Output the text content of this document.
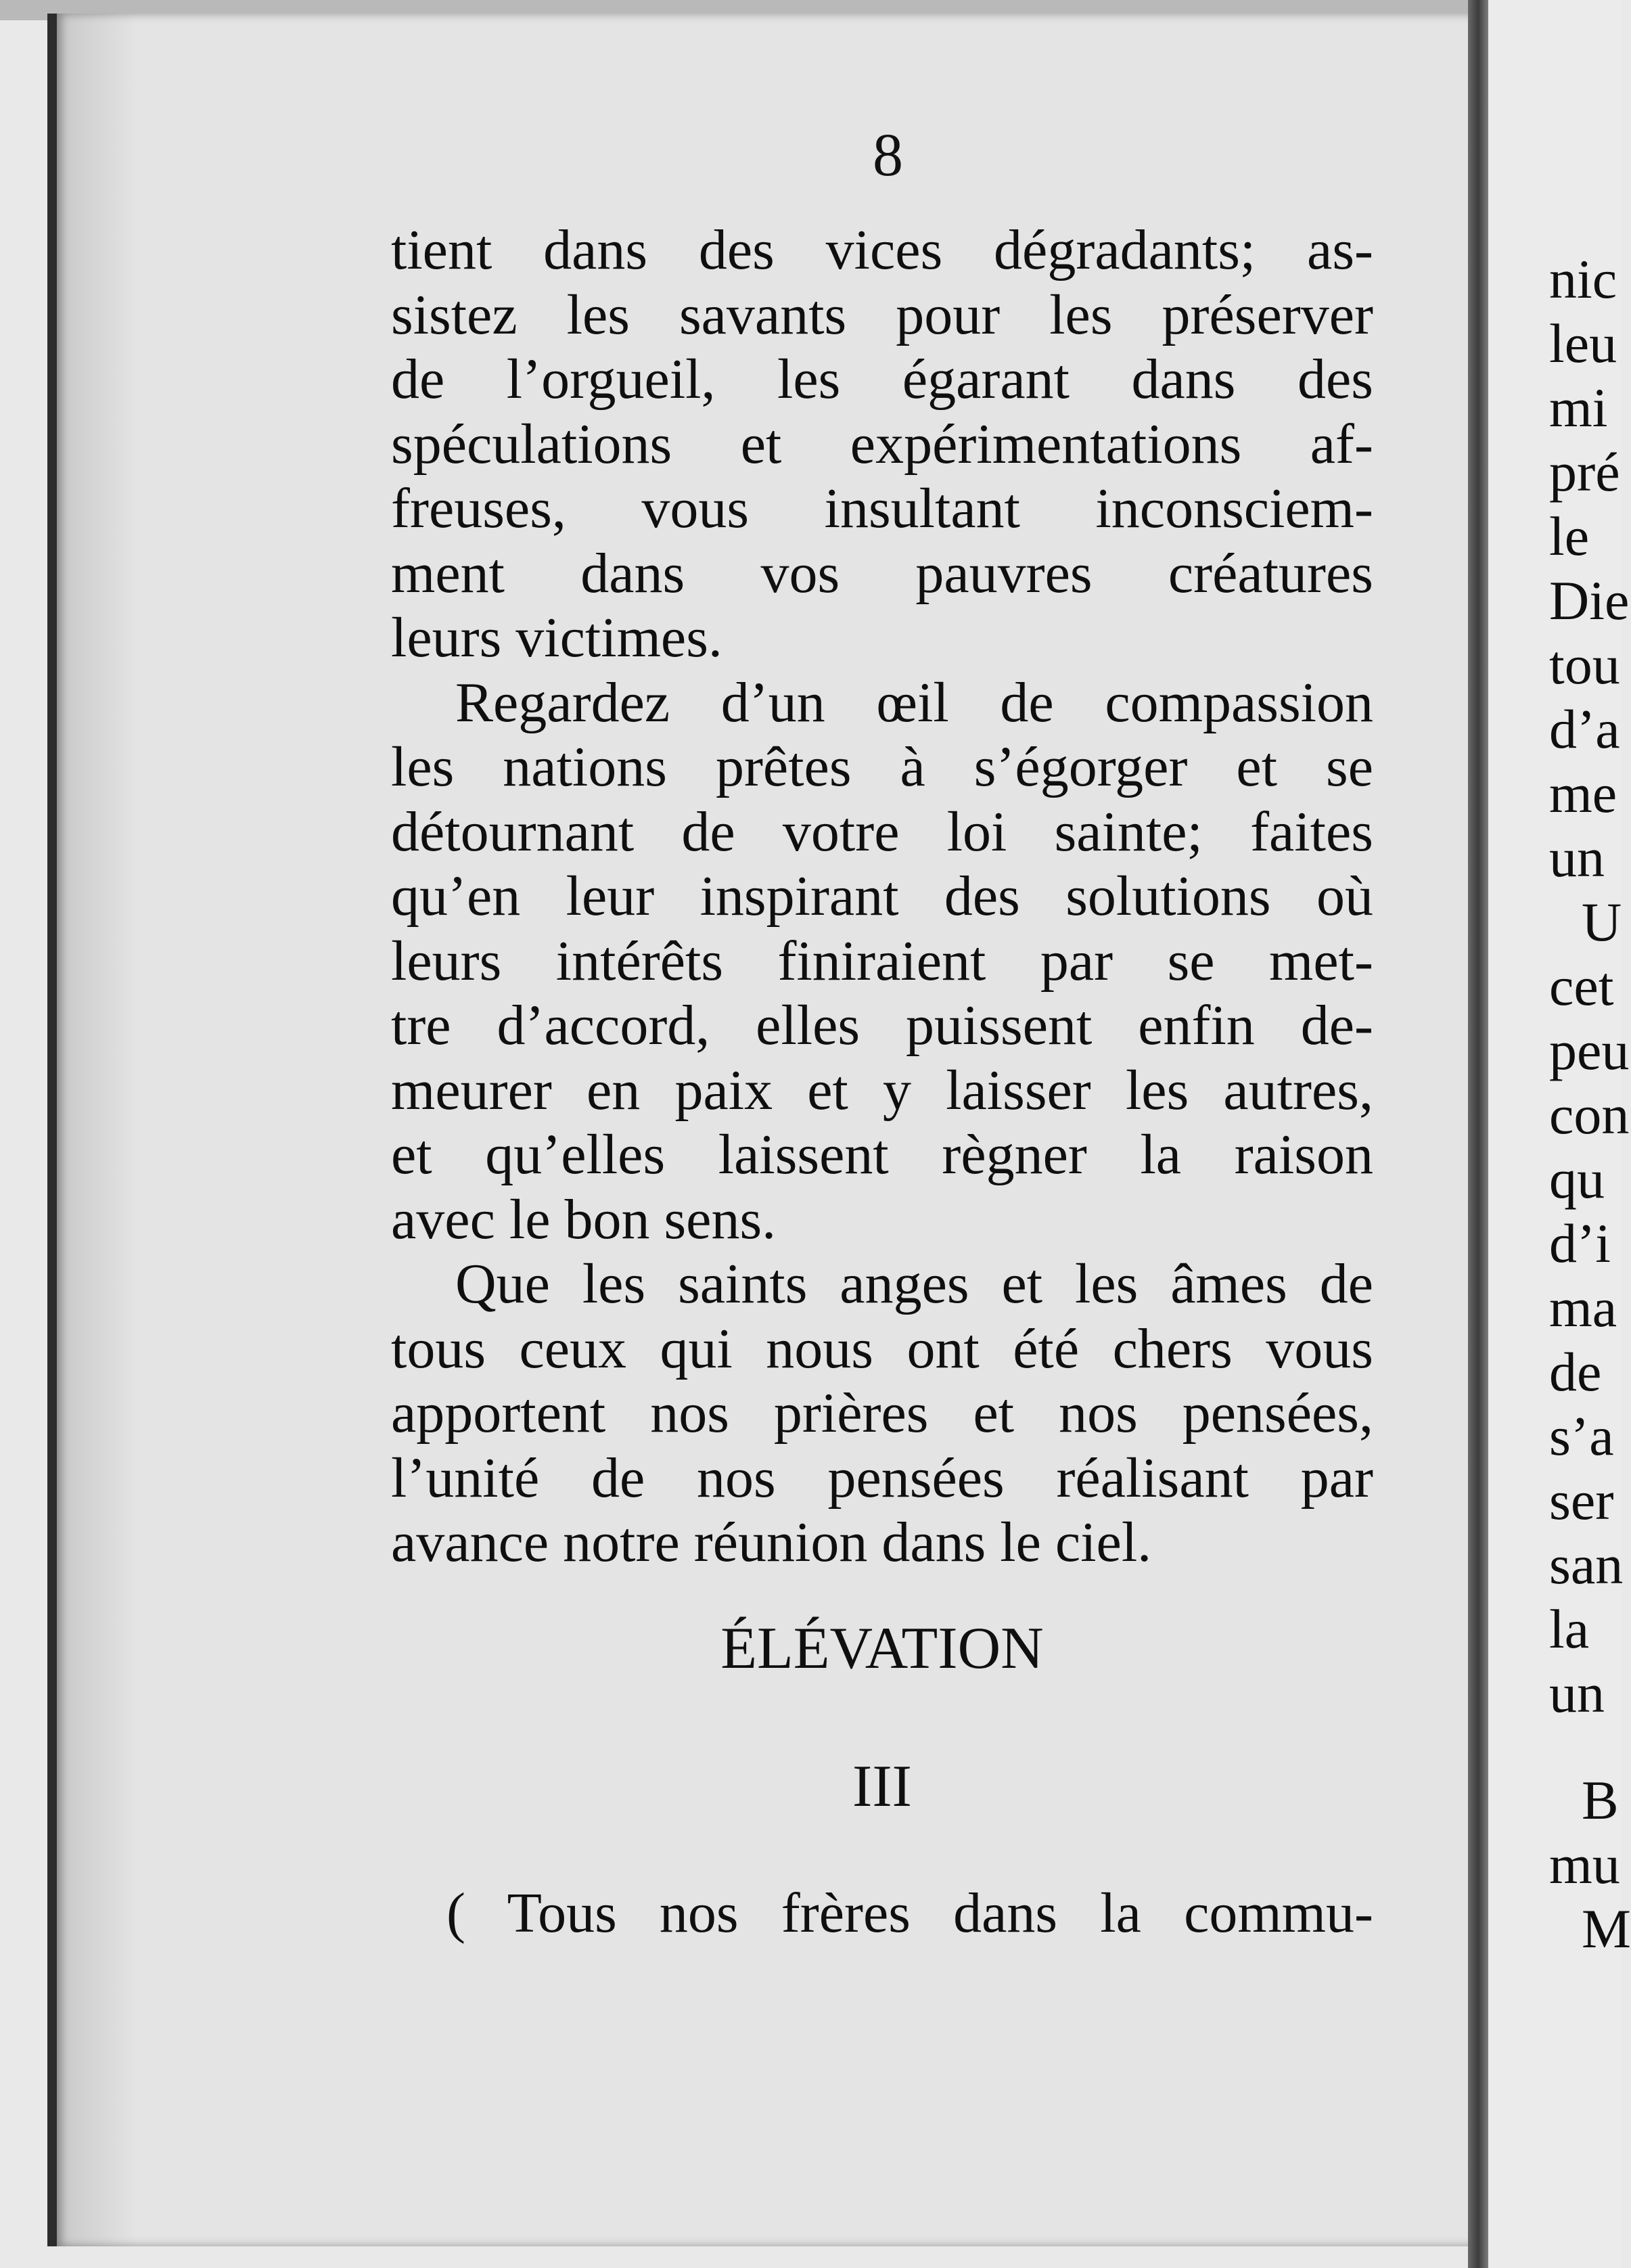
8
tient dans des vices dégradants; as-
sistez les savants pour les préserver
de l’orgueil, les égarant dans des
spéculations et expérimentations af-
freuses, vous insultant inconsciem-
ment dans vos pauvres créatures
leurs victimes.
Regardez d’un œil de compassion
les nations prêtes à s’égorger et se
détournant de votre loi sainte; faites
qu’en leur inspirant des solutions où
leurs intérêts finiraient par se met-
tre d’accord, elles puissent enfin de-
meurer en paix et y laisser les autres,
et qu’elles laissent règner la raison
avec le bon sens.
Que les saints anges et les âmes de
tous ceux qui nous ont été chers vous
apportent nos prières et nos pensées,
l’unité de nos pensées réalisant par
avance notre réunion dans le ciel.
ÉLÉVATION
III
( Tous nos frères dans la commu-
nic
leu
mi
pré
le
Die
tou
d’a
me
un
U
cet
peu
con
qu
d’i
ma
de
s’a
ser
san
la
un
B
mu
M
